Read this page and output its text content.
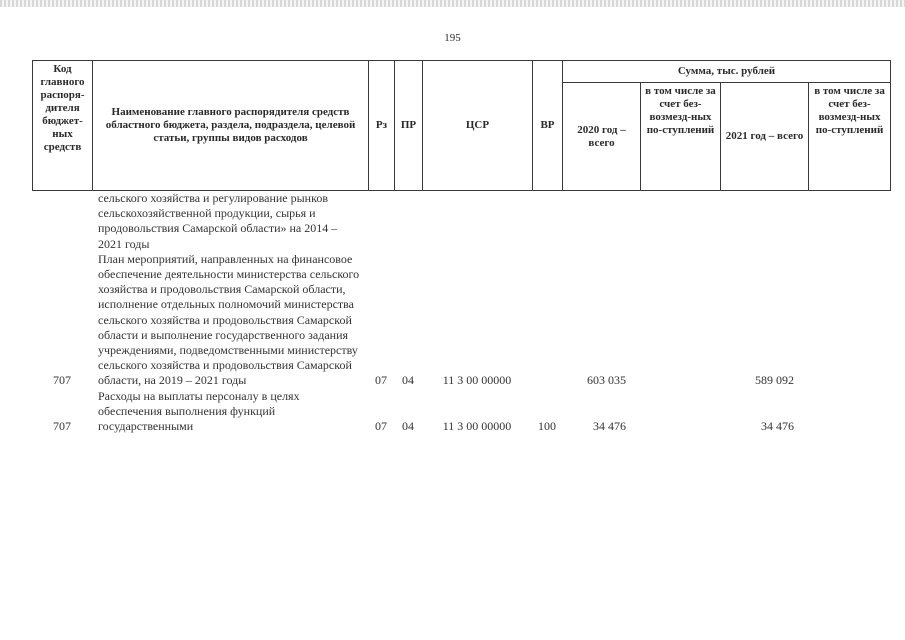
195
Код главного распоря-дителя бюджет-ных средств	Наименование главного распорядителя средств областного бюджета, раздела, подраздела, целевой статьи, группы видов расходов	Рз	ПР	ЦСР	ВР	Сумма, тыс. рублей			
						2020 год – всего	в том числе за счет без-возмезд-ных по-ступлений	2021 год – всего	в том числе за счет без-возмезд-ных по-ступлений
	сельского хозяйства и регулирование рынков сельскохозяйственной продукции, сырья и продовольствия Самарской области» на 2014 – 2021 годы								
707	План мероприятий, направленных на финансовое обеспечение деятельности министерства сельского хозяйства и продовольствия Самарской области, исполнение отдельных полномочий министерства сельского хозяйства и продовольствия Самарской области и выполнение государственного задания учреждениями, подведомственными министерству сельского хозяйства и продовольствия Самарской области, на 2019 – 2021 годы	07	04	11 3 00 00000		603 035		589 092	
707	Расходы на выплаты персоналу в целях обеспечения выполнения функций государственными	07	04	11 3 00 00000	100	34 476		34 476	
